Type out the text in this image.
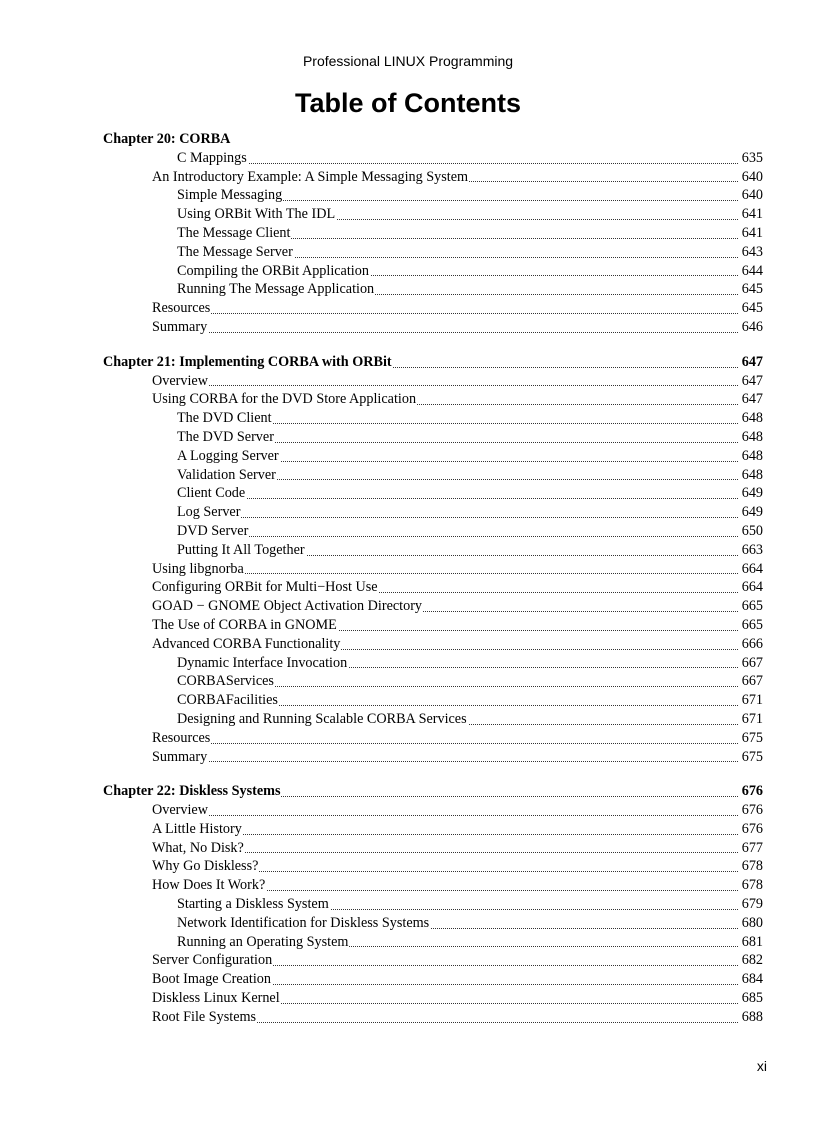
Professional LINUX Programming
Table of Contents
Chapter 20: CORBA
C Mappings	635
An Introductory Example: A Simple Messaging System	640
Simple Messaging	640
Using ORBit With The IDL	641
The Message Client	641
The Message Server	643
Compiling the ORBit Application	644
Running The Message Application	645
Resources	645
Summary	646
Chapter 21: Implementing CORBA with ORBit	647
Overview	647
Using CORBA for the DVD Store Application	647
The DVD Client	648
The DVD Server	648
A Logging Server	648
Validation Server	648
Client Code	649
Log Server	649
DVD Server	650
Putting It All Together	663
Using libgnorba	664
Configuring ORBit for Multi−Host Use	664
GOAD − GNOME Object Activation Directory	665
The Use of CORBA in GNOME	665
Advanced CORBA Functionality	666
Dynamic Interface Invocation	667
CORBAServices	667
CORBAFacilities	671
Designing and Running Scalable CORBA Services	671
Resources	675
Summary	675
Chapter 22: Diskless Systems	676
Overview	676
A Little History	676
What, No Disk?	677
Why Go Diskless?	678
How Does It Work?	678
Starting a Diskless System	679
Network Identification for Diskless Systems	680
Running an Operating System	681
Server Configuration	682
Boot Image Creation	684
Diskless Linux Kernel	685
Root File Systems	688
xi
